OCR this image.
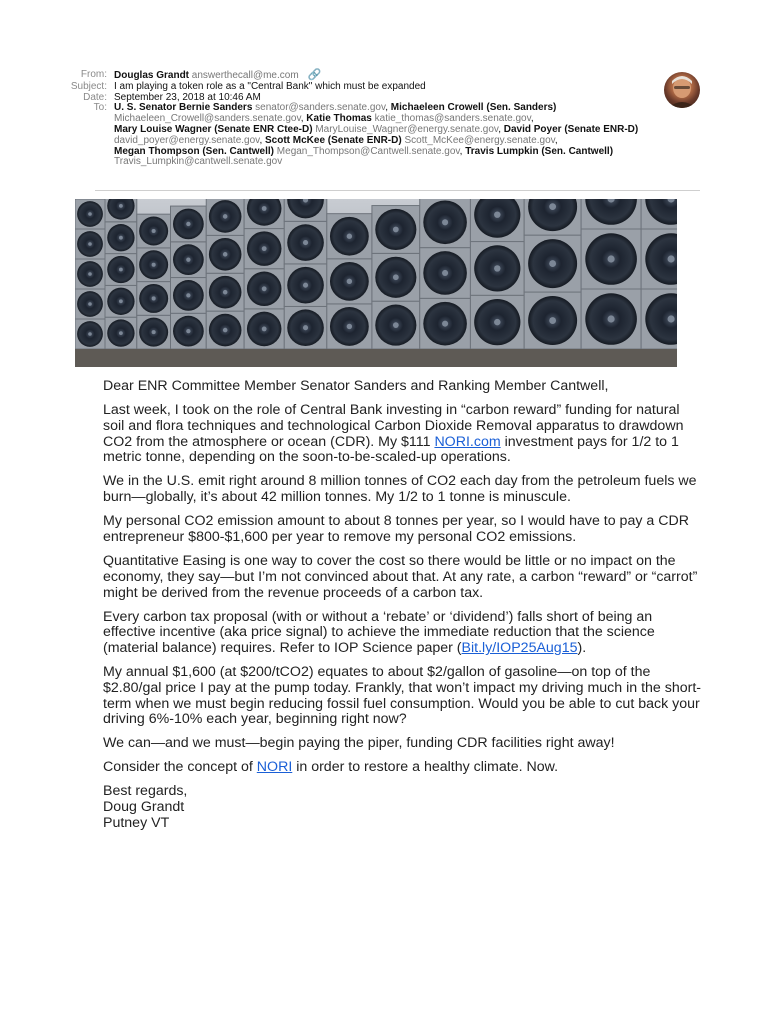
From: Douglas Grandt answerthecall@me.com 🔗
Subject: I am playing a token role as a "Central Bank" which must be expanded
Date: September 23, 2018 at 10:46 AM
To: U. S. Senator Bernie Sanders senator@sanders.senate.gov, Michaeleen Crowell (Sen. Sanders)
Michaeleen_Crowell@sanders.senate.gov, Katie Thomas katie_thomas@sanders.senate.gov,
Mary Louise Wagner (Senate ENR Ctee-D) MaryLouise_Wagner@energy.senate.gov, David Poyer (Senate ENR-D)
david_poyer@energy.senate.gov, Scott McKee (Senate ENR-D) Scott_McKee@energy.senate.gov,
Megan Thompson (Sen. Cantwell) Megan_Thompson@Cantwell.senate.gov, Travis Lumpkin (Sen. Cantwell)
Travis_Lumpkin@cantwell.senate.gov

Dear ENR Committee Member Senator Sanders and Ranking Member Cantwell,

Last week, I took on the role of Central Bank investing in “carbon reward” funding for natural soil and flora techniques and technological Carbon Dioxide Removal apparatus to drawdown CO2 from the atmosphere or ocean (CDR). My $111 NORI.com investment pays for 1/2 to 1 metric tonne, depending on the soon-to-be-scaled-up operations.

We in the U.S. emit right around 8 million tonnes of CO2 each day from the petroleum fuels we burn—globally, it’s about 42 million tonnes. My 1/2 to 1 tonne is minuscule.

My personal CO2 emission amount to about 8 tonnes per year, so I would have to pay a CDR entrepreneur $800-$1,600 per year to remove my personal CO2 emissions.

Quantitative Easing is one way to cover the cost so there would be little or no impact on the economy, they say—but I’m not convinced about that. At any rate, a carbon “reward” or “carrot” might be derived from the revenue proceeds of a carbon tax.

Every carbon tax proposal (with or without a ‘rebate’ or ‘dividend’) falls short of being an effective incentive (aka price signal) to achieve the immediate reduction that the science (material balance) requires. Refer to IOP Science paper (Bit.ly/IOP25Aug15).

My annual $1,600 (at $200/tCO2) equates to about $2/gallon of gasoline—on top of the $2.80/gal price I pay at the pump today. Frankly, that won’t impact my driving much in the short-term when we must begin reducing fossil fuel consumption. Would you be able to cut back your driving 6%-10% each year, beginning right now?

We can—and we must—begin paying the piper, funding CDR facilities right away!

Consider the concept of NORI in order to restore a healthy climate. Now.

Best regards,
Doug Grandt
Putney VT
